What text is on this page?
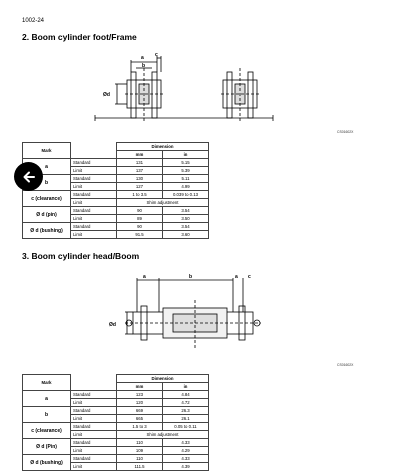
1002-24
2. Boom cylinder foot/Frame
a c
b
Ød
CS01602X
Mark		Dimension	
		mm	in
a	Standard	131	5.15
	Limit	137	5.39
b	Standard	130	5.11
	Limit	127	4.99
c (clearance)	Standard	1 to 3.5	0.039 to 0.13
	Limit	Shim adjustment	
Ø d (pin)	Standard	90	3.54
	Limit	89	3.50
Ø d (bushing)	Standard	90	3.54
	Limit	91.5	3.60
3. Boom cylinder head/Boom
a	b	a c
Ød
CS01602X
Mark		Dimension	
		mm	in
a	Standard	123	4.84
	Limit	120	4.72
b	Standard	669	26.3
	Limit	665	26.1
c (clearance)	Standard	1.5 to 3	0.05 to 0.11
	Limit	Shim adjustment	
Ø d (Pin)	Standard	110	4.33
	Limit	109	4.29
Ø d (bushing)	Standard	110	4.33
	Limit	111.5	4.39
